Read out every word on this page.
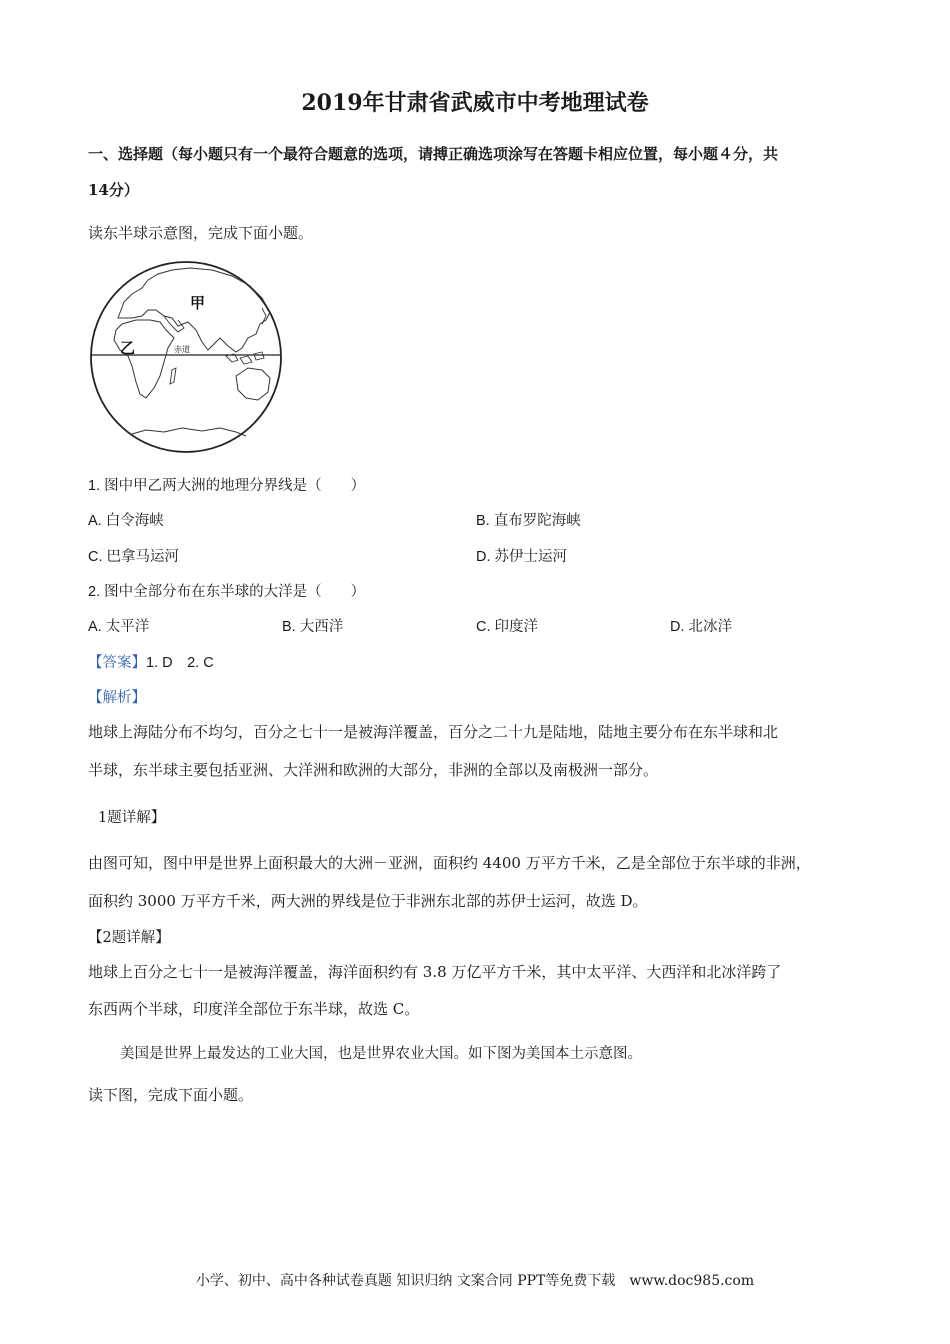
2019年甘肃省武威市中考地理试卷
一、选择题（每小题只有一个最符合题意的选项，请搏正确选项涂写在答题卡相应位置，每小题４分，共
14分）
读东半球示意图，完成下面小题。
甲
乙	赤道
1. 图中甲乙两大洲的地理分界线是（　　）
A. 白令海峡	B. 直布罗陀海峡
C. 巴拿马运河	D. 苏伊士运河
2. 图中全部分布在东半球的大洋是（　　）
A. 太平洋	B. 大西洋	C. 印度洋	D. 北冰洋
【答案】1. D　2. C
【解析】
地球上海陆分布不均匀，百分之七十一是被海洋覆盖，百分之二十九是陆地，陆地主要分布在东半球和北
半球，东半球主要包括亚洲、大洋洲和欧洲的大部分，非洲的全部以及南极洲一部分。
1题详解】
由图可知，图中甲是世界上面积最大的大洲－亚洲，面积约 4400 万平方千米，乙是全部位于东半球的非洲，
面积约 3000 万平方千米，两大洲的界线是位于非洲东北部的苏伊士运河，故选 D。
【2题详解】
地球上百分之七十一是被海洋覆盖，海洋面积约有 3.8 万亿平方千米，其中太平洋、大西洋和北冰洋跨了
东西两个半球，印度洋全部位于东半球，故选 C。
美国是世界上最发达的工业大国，也是世界农业大国。如下图为美国本土示意图。
读下图，完成下面小题。
小学、初中、高中各种试卷真题 知识归纳 文案合同 PPT等免费下载　www.doc985.com
